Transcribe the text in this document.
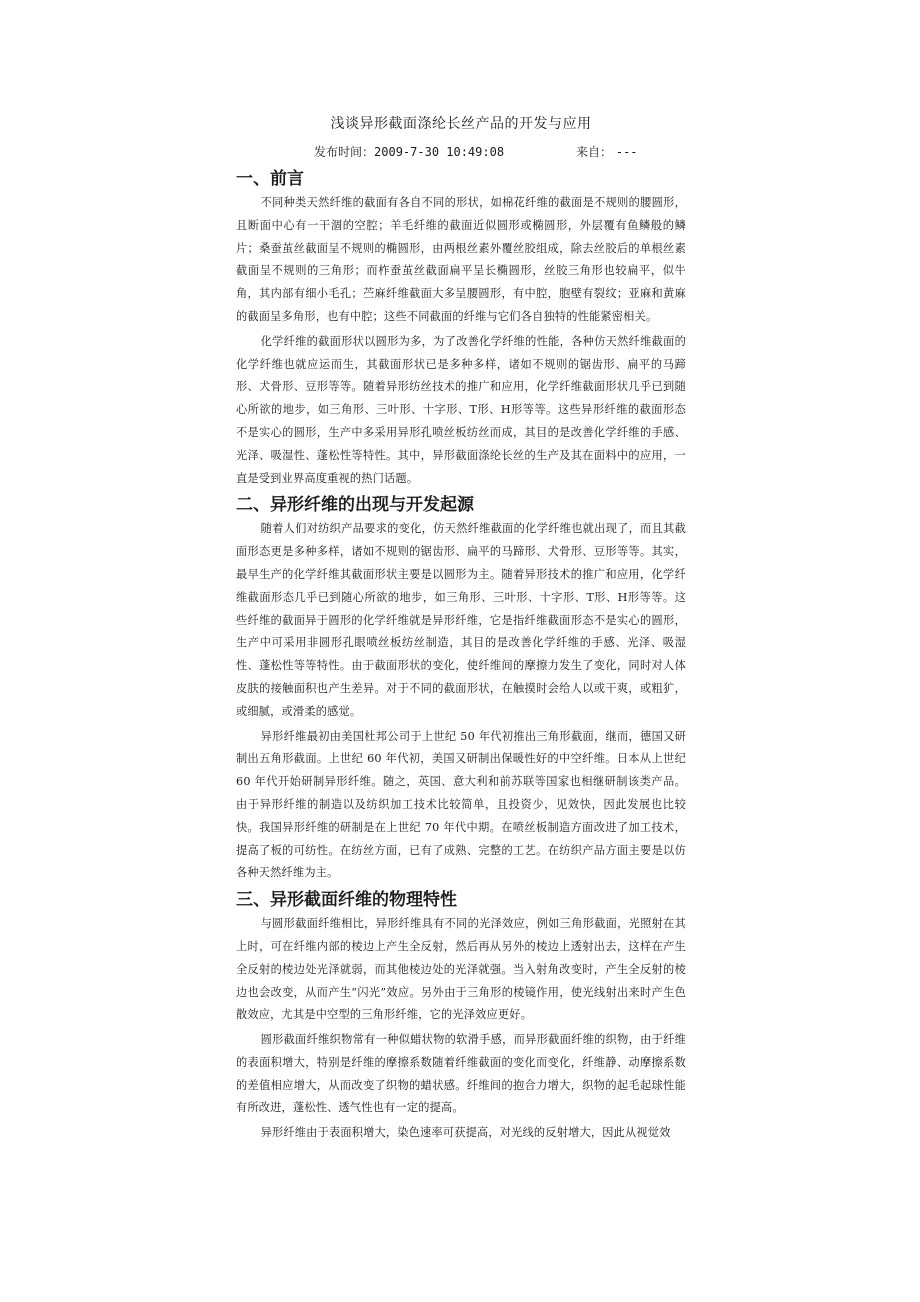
浅谈异形截面涤纶长丝产品的开发与应用
发布时间：2009-7-30 10:49:08	来自： ---
一、前言

不同种类天然纤维的截面有各自不同的形状，如棉花纤维的截面是不规则的腰圆形，且断面中心有一干涸的空腔；羊毛纤维的截面近似圆形或椭圆形，外层覆有鱼鳞般的鳞片；桑蚕茧丝截面呈不规则的椭圆形，由两根丝素外覆丝胶组成，除去丝胶后的单根丝素截面呈不规则的三角形；而柞蚕茧丝截面扁平呈长椭圆形，丝胶三角形也较扁平，似牛角，其内部有细小毛孔；苎麻纤维截面大多呈腰圆形，有中腔，胞壁有裂纹；亚麻和黄麻的截面呈多角形，也有中腔；这些不同截面的纤维与它们各自独特的性能紧密相关。

化学纤维的截面形状以圆形为多，为了改善化学纤维的性能，各种仿天然纤维截面的化学纤维也就应运而生，其截面形状已是多种多样，诸如不规则的锯齿形、扁平的马蹄形、犬骨形、豆形等等。随着异形纺丝技术的推广和应用，化学纤维截面形状几乎已到随心所欲的地步，如三角形、三叶形、十字形、T形、H形等等。这些异形纤维的截面形态不是实心的圆形，生产中多采用异形孔喷丝板纺丝而成，其目的是改善化学纤维的手感、光泽、吸湿性、蓬松性等特性。其中，异形截面涤纶长丝的生产及其在面料中的应用，一直是受到业界高度重视的热门话题。

二、异形纤维的出现与开发起源

随着人们对纺织产品要求的变化，仿天然纤维截面的化学纤维也就出现了，而且其截面形态更是多种多样，诸如不规则的锯齿形、扁平的马蹄形、犬骨形、豆形等等。其实，最早生产的化学纤维其截面形状主要是以圆形为主。随着异形技术的推广和应用，化学纤维截面形态几乎已到随心所欲的地步，如三角形、三叶形、十字形、T形、H形等等。这些纤维的截面异于圆形的化学纤维就是异形纤维，它是指纤维截面形态不是实心的圆形，生产中可采用非圆形孔眼喷丝板纺丝制造，其目的是改善化学纤维的手感、光泽、吸湿性、蓬松性等等特性。由于截面形状的变化，使纤维间的摩擦力发生了变化，同时对人体皮肤的接触面积也产生差异。对于不同的截面形状，在触摸时会给人以或干爽，或粗犷，或细腻，或滑柔的感觉。

异形纤维最初由美国杜邦公司于上世纪 50 年代初推出三角形截面，继而，德国又研制出五角形截面。上世纪 60 年代初，美国又研制出保暖性好的中空纤维。日本从上世纪 60 年代开始研制异形纤维。随之，英国、意大利和前苏联等国家也相继研制该类产品。由于异形纤维的制造以及纺织加工技术比较简单，且投资少，见效快，因此发展也比较快。我国异形纤维的研制是在上世纪 70 年代中期。在喷丝板制造方面改进了加工技术，提高了板的可纺性。在纺丝方面，已有了成熟、完整的工艺。在纺织产品方面主要是以仿各种天然纤维为主。

三、异形截面纤维的物理特性

与圆形截面纤维相比，异形纤维具有不同的光泽效应，例如三角形截面，光照射在其上时，可在纤维内部的棱边上产生全反射，然后再从另外的棱边上透射出去，这样在产生全反射的棱边处光泽就弱，而其他棱边处的光泽就强。当入射角改变时，产生全反射的棱边也会改变，从而产生“闪光”效应。另外由于三角形的棱镜作用，使光线射出来时产生色散效应，尤其是中空型的三角形纤维，它的光泽效应更好。

圆形截面纤维织物常有一种似蜡状物的软滑手感，而异形截面纤维的织物，由于纤维的表面积增大，特别是纤维的摩擦系数随着纤维截面的变化而变化，纤维静、动摩擦系数的差值相应增大，从而改变了织物的蜡状感。纤维间的抱合力增大，织物的起毛起球性能有所改进，蓬松性、透气性也有一定的提高。

异形纤维由于表面积增大，染色速率可获提高，对光线的反射增大，因此从视觉效
